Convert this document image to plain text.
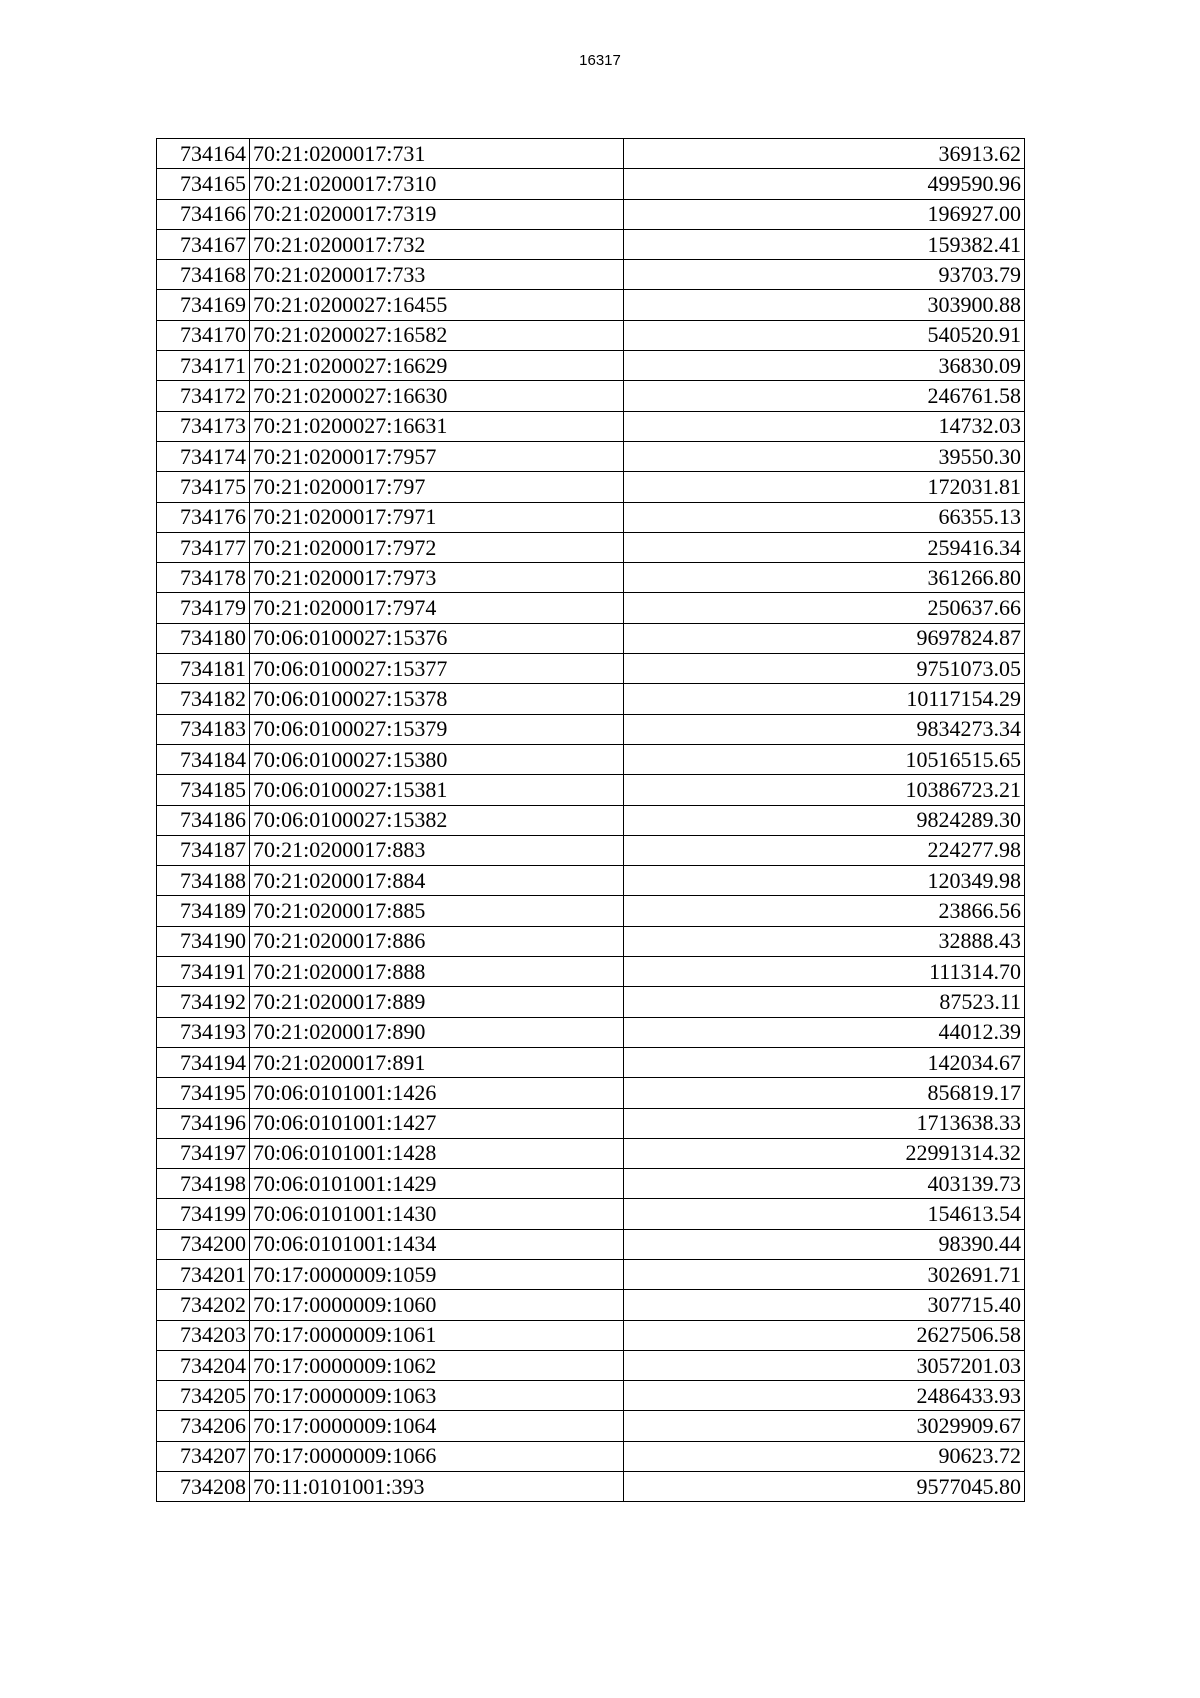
16317
734164	70:21:0200017:731	36913.62
734165	70:21:0200017:7310	499590.96
734166	70:21:0200017:7319	196927.00
734167	70:21:0200017:732	159382.41
734168	70:21:0200017:733	93703.79
734169	70:21:0200027:16455	303900.88
734170	70:21:0200027:16582	540520.91
734171	70:21:0200027:16629	36830.09
734172	70:21:0200027:16630	246761.58
734173	70:21:0200027:16631	14732.03
734174	70:21:0200017:7957	39550.30
734175	70:21:0200017:797	172031.81
734176	70:21:0200017:7971	66355.13
734177	70:21:0200017:7972	259416.34
734178	70:21:0200017:7973	361266.80
734179	70:21:0200017:7974	250637.66
734180	70:06:0100027:15376	9697824.87
734181	70:06:0100027:15377	9751073.05
734182	70:06:0100027:15378	10117154.29
734183	70:06:0100027:15379	9834273.34
734184	70:06:0100027:15380	10516515.65
734185	70:06:0100027:15381	10386723.21
734186	70:06:0100027:15382	9824289.30
734187	70:21:0200017:883	224277.98
734188	70:21:0200017:884	120349.98
734189	70:21:0200017:885	23866.56
734190	70:21:0200017:886	32888.43
734191	70:21:0200017:888	111314.70
734192	70:21:0200017:889	87523.11
734193	70:21:0200017:890	44012.39
734194	70:21:0200017:891	142034.67
734195	70:06:0101001:1426	856819.17
734196	70:06:0101001:1427	1713638.33
734197	70:06:0101001:1428	22991314.32
734198	70:06:0101001:1429	403139.73
734199	70:06:0101001:1430	154613.54
734200	70:06:0101001:1434	98390.44
734201	70:17:0000009:1059	302691.71
734202	70:17:0000009:1060	307715.40
734203	70:17:0000009:1061	2627506.58
734204	70:17:0000009:1062	3057201.03
734205	70:17:0000009:1063	2486433.93
734206	70:17:0000009:1064	3029909.67
734207	70:17:0000009:1066	90623.72
734208	70:11:0101001:393	9577045.80
